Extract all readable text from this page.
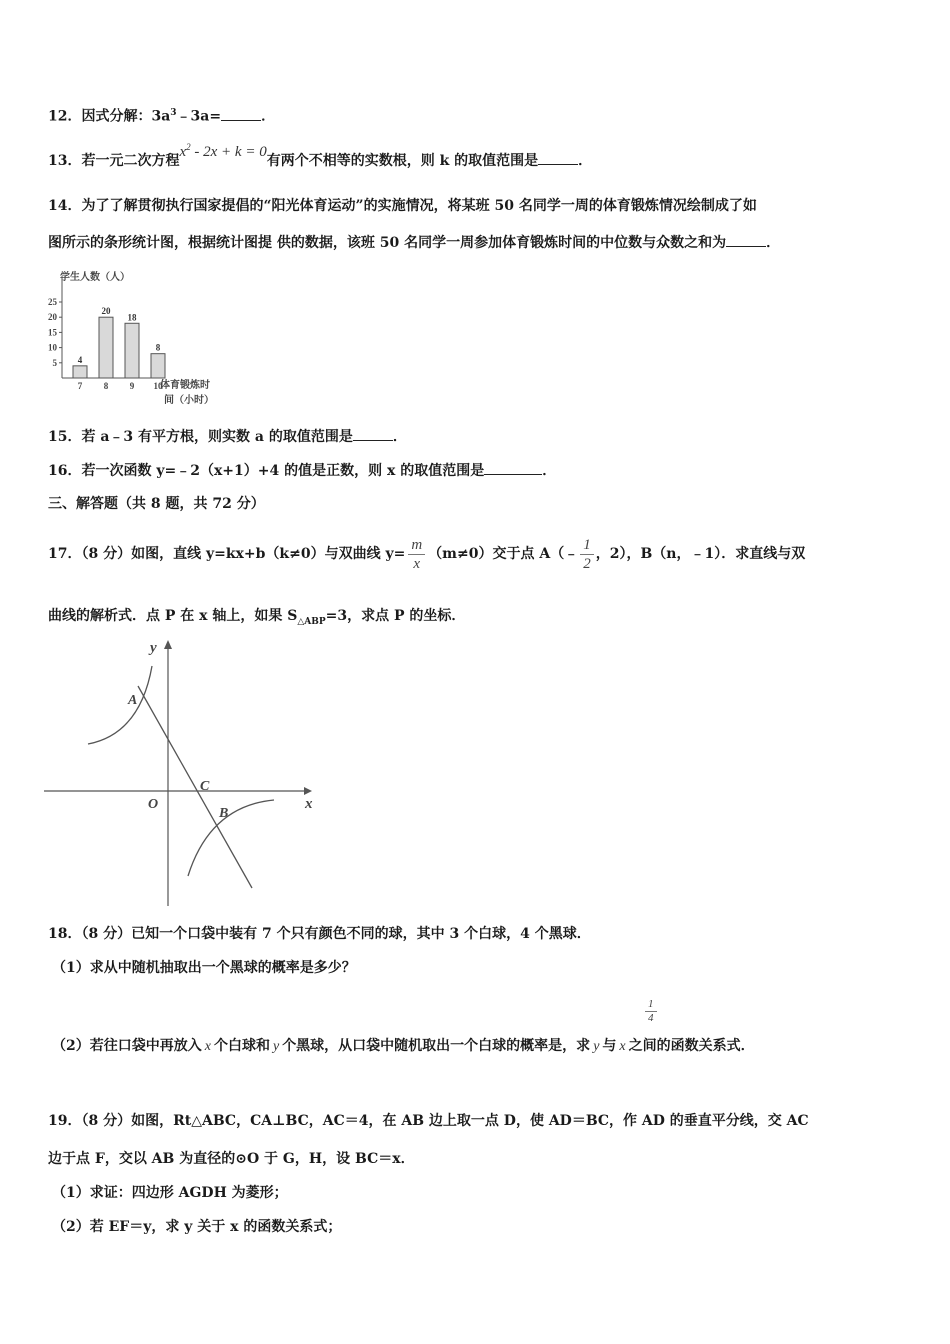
12．因式分解：$3a^3﹣3a=$	．
13．若一元二次方程$x^2 - 2x + k = 0$有两个不相等的实数根，则 k 的取值范围是	．
14．为了了解贯彻执行国家提倡的“阳光体育运动”的实施情况，将某班 50 名同学一周的体育锻炼情况绘制成了如
图所示的条形统计图，根据统计图提 供的数据，该班 50 名同学一周参加体育锻炼时间的中位数与众数之和为	．
学生人数（人）
体育锻炼时
间（小时）
5
10
15
20
25
4
7
20
8
18
9
8
10
15．若 a﹣3 有平方根，则实数 a 的取值范围是	．
16．若一次函数 y=﹣2（x+1）+4 的值是正数，则 x 的取值范围是	．
三、解答题（共 8 题，共 72 分）
17．（8 分）如图，直线 y=kx+b（k≠0）与双曲线 $y= \frac{m}{x} (m\ne 0)$交于点 A（﹣ $\frac{1}{2}$ ，2），B（n，﹣1）．求直线与双
曲线的解析式．点 P 在 x 轴上，如果 $S_{\triangle ABP}=3$，求点 P 的坐标．
y
x
O
A
B
C
18．（8 分）已知一个口袋中装有 7 个只有颜色不同的球，其中 3 个白球，4 个黑球．
（1）求从中随机抽取出一个黑球的概率是多少？
$\frac{1}{4}$
（2）若往口袋中再放入 x 个白球和 y 个黑球，从口袋中随机取出一个白球的概率是，求 y 与 x 之间的函数关系式．
19．（8 分）如图，Rt△ABC，CA⊥BC，AC＝4，在 AB 边上取一点 D，使 AD＝BC，作 AD 的垂直平分线，交 AC
边于点 F，交以 AB 为直径的⊙O 于 G，H，设 BC＝x．
（1）求证：四边形 AGDH 为菱形；
（2）若 EF＝y，求 y 关于 x 的函数关系式；
